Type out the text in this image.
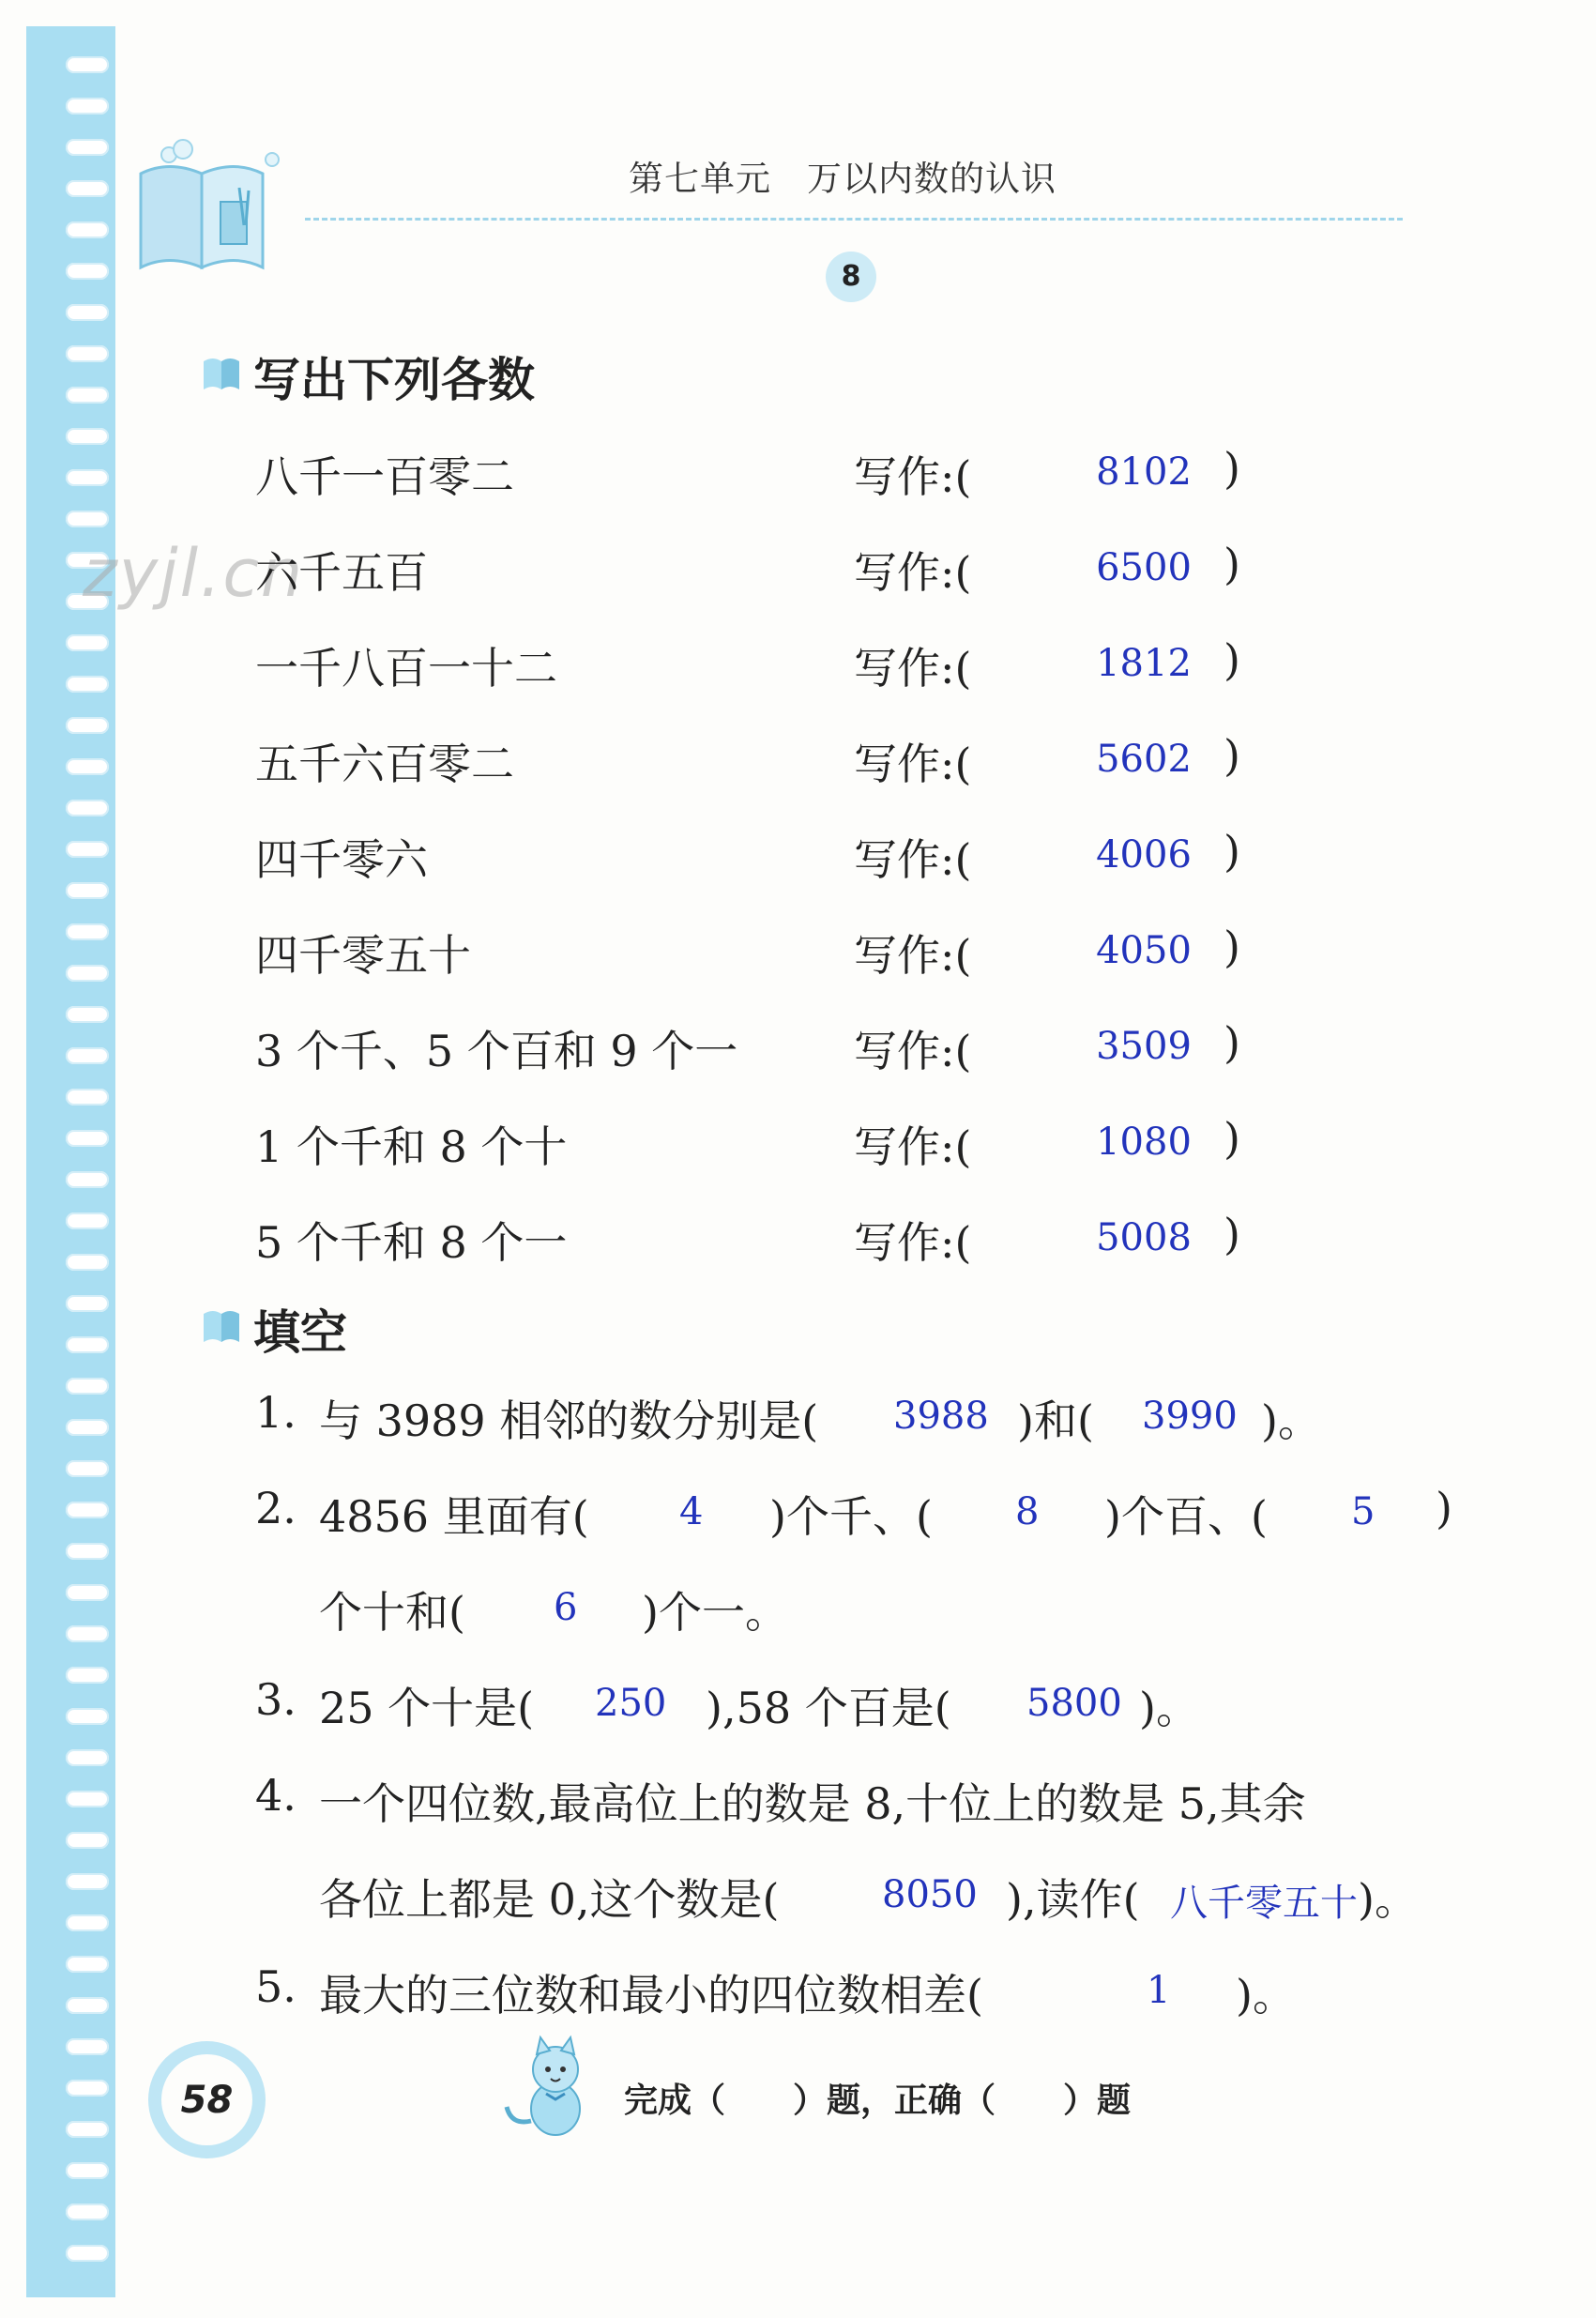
第七单元　万以内数的认识
8
zyjl.cn
写出下列各数
八千一百零二	写作:(	8102 )
六千五百	写作:(	6500 )
一千八百一十二	写作:(	1812 )
五千六百零二	写作:(	5602 )
四千零六	写作:(	4006 )
四千零五十	写作:(	4050 )
3 个千、5 个百和 9 个一	写作:(	3509 )
1 个千和 8 个十	写作:(	1080 )
5 个千和 8 个一	写作:(	5008 )
填空
1. 与 3989 相邻的数分别是( 3988 )和( 3990 )。
2. 4856 里面有( 4 )个千、( 8 )个百、( 5 )
个十和( 6 )个一。
3. 25 个十是( 250 ),58 个百是( 5800 )。
4. 一个四位数,最高位上的数是 8,十位上的数是 5,其余
各位上都是 0,这个数是(	8050 ),读作( 八千零五十 )。
5. 最大的三位数和最小的四位数相差(	1 )。
58	完成（　　）题，正确（　　）题
